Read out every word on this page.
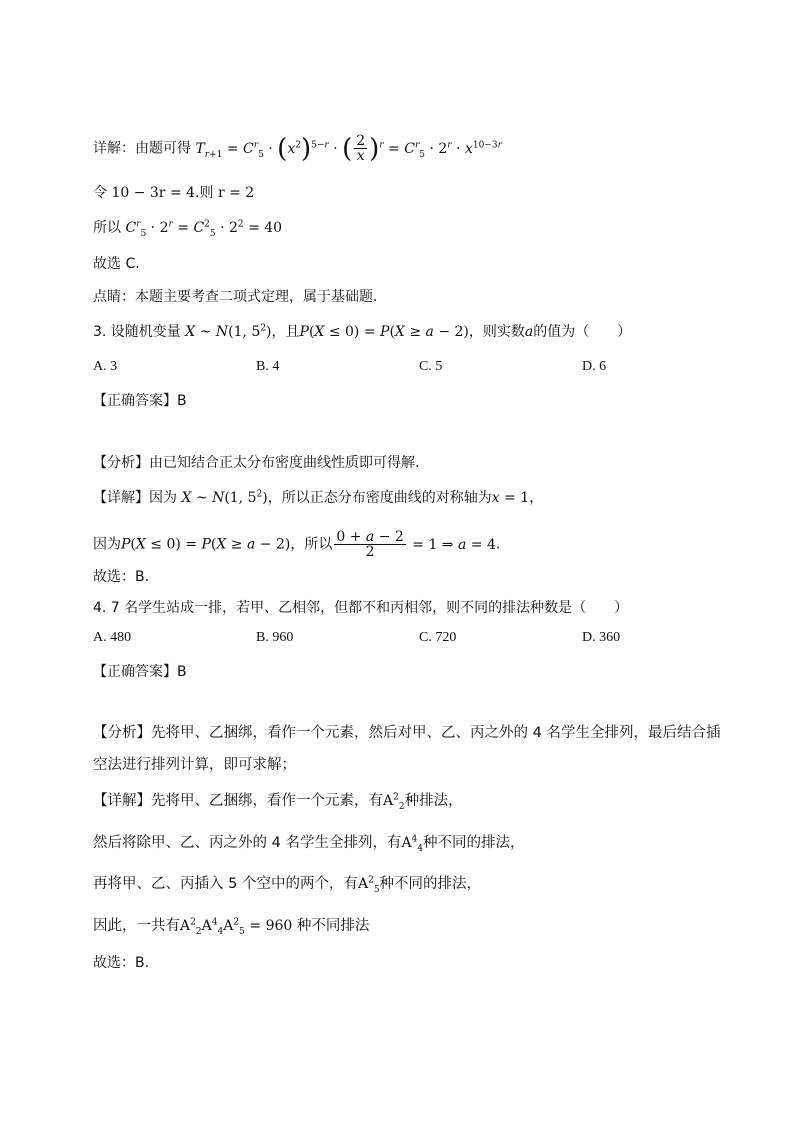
详解：由题可得 $T_{r+1} = C^r_5 \cdot (x^2)^{5-r}$ · ( $\frac{2}{x} )^r = C^r_5 \cdot 2^r \cdot x^{10-3r}$
令 10 − 3r = 4.则 r = 2
所以 $C^r_5 \cdot 2^r = C^2_5 \cdot 2^2 = 40$
故选 C.
点睛：本题主要考查二项式定理，属于基础题．
3. 设随机变量 X ~ N(1, $5^2$)，且P(X ≤ 0) = P(X ≥ a − 2)，则实数a的值为（　　）
A. 3	B. 4	C. 5	D. 6
【正确答案】B
【分析】由已知结合正太分布密度曲线性质即可得解.
【详解】因为 X ~ N(1, $5^2$)，所以正态分布密度曲线的对称轴为x = 1，
因为P(X ≤ 0) = P(X ≥ a − 2)，所以 $\frac{0 + a - 2}{2} = 1$ ⇒ a = 4.
故选：B.
4. 7 名学生站成一排，若甲、乙相邻，但都不和丙相邻，则不同的排法种数是（　　）
A. 480	B. 960	C. 720	D. 360
【正确答案】B
【分析】先将甲、乙捆绑，看作一个元素，然后对甲、乙、丙之外的 4 名学生全排列，最后结合插
空法进行排列计算，即可求解；
【详解】先将甲、乙捆绑，看作一个元素，有$A^2_2$种排法，
然后将除甲、乙、丙之外的 4 名学生全排列，有$A^4_4$种不同的排法，
再将甲、乙、丙插入 5 个空中的两个，有$A^2_5$种不同的排法，
因此，一共有$A^2_2A^4_4A^2_5 = 960$ 种不同排法
故选：B.
